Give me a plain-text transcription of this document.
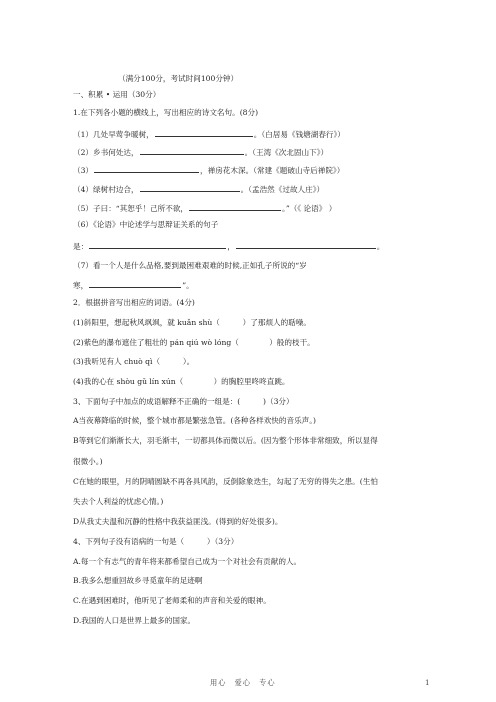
（满分100分，考试时间100分钟）
一、积累 • 运用（30分）
1.在下列各小题的横线上，写出相应的诗文名句。(8分)
（1）几处早莺争暖树，	。（白居易《钱塘湖春行》）
（2）乡书何处达，	。（王湾《次北固山下》）
（3）	，禅房花木深。（常建《题破山寺后禅院》）
（4）绿树村边合，	。（孟浩然《过故人庄》）
（5）子曰：“其恕乎！己所不欲，	。”（《 论语》 ）
（6）《论语》中论述学与思辩证关系的句子
是：	，	。
（7）看一个人是什么品格,要到最困难艰难的时候,正如孔子所说的“岁
寒，	”。
2．根据拼音写出相应的词语。(4分)
(1)斜阳里，想起秋风飒飒，就 kuǎn shù（　　　）了那烦人的聒噪。
(2)紫色的瀑布遮住了粗壮的 pán qiú wò lóng（　　　　）般的枝干。
(3)我听见有人 chuò qì（　　　）。
(4)我的心在 shòu gǔ lín xún（　　　　）的胸腔里咚咚直跳。
3、下面句子中加点的成语解释不正确的一组是：(　　　)（3分）
A当夜幕降临的时候，整个城市都是繁弦急管。(各种各样欢快的音乐声。)
B等到它们渐渐长大，羽毛渐丰，一切都具体而微以后。(因为整个形体非常细致，所以显得
很微小。)
C在她的眼里，月的阴晴圆缺不再各具风韵，反倒除象迭生，勾起了无穷的得失之患。(生怕
失去个人利益的忧虑心情。)
D从我丈夫温和沉静的性格中我获益匪浅。(得到的好处很多)。
4、下列句子没有语病的一句是（　　　）（3分）
A.每一个有志气的青年将来都希望自己成为一个对社会有贡献的人。
B.我多么想重回故乡寻觅童年的足迹啊
C.在遇到困难时，他听见了老师柔和的声音和关爱的眼神。
D.我国的人口是世界上最多的国家。
用心　爱心　专心	1
